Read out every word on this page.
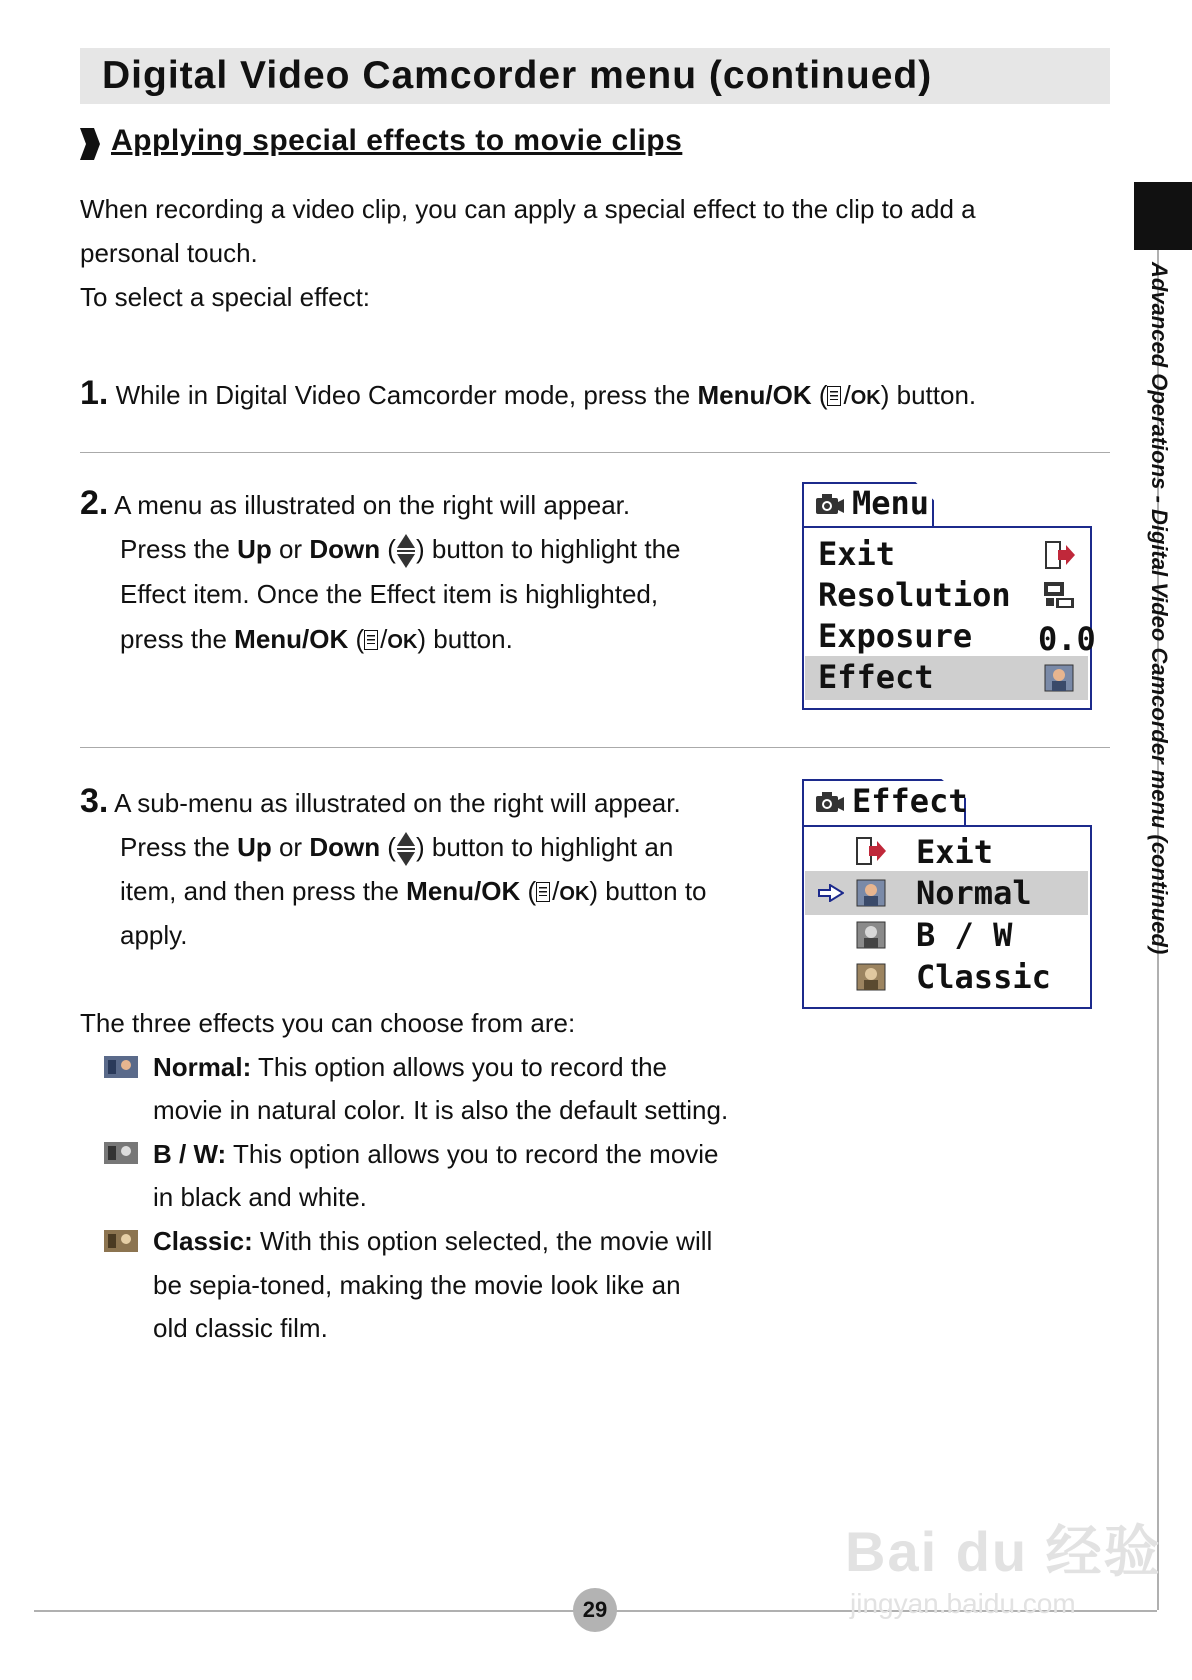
Digital Video Camcorder menu (continued)
Applying special effects to movie clips
When recording a video clip, you can apply a special effect to the clip to add a
personal touch.
To select a special effect:
1. While in Digital Video Camcorder mode, press the Menu/OK ( /OK) button.
2. A menu as illustrated on the right will appear.
Press the Up or Down ( ) button to highlight the
Effect item. Once the Effect item is highlighted,
press the Menu/OK ( /OK) button.
Menu
Exit
Resolution
Exposure 0.0
Effect
3. A sub-menu as illustrated on the right will appear.
Press the Up or Down ( ) button to highlight an
item, and then press the Menu/OK ( /OK) button to
apply.
Effect
Exit
Normal
B / W
Classic
The three effects you can choose from are:
Normal: This option allows you to record the
movie in natural color. It is also the default setting.
B / W: This option allows you to record the movie
in black and white.
Classic: With this option selected, the movie will
be sepia-toned, making the movie look like an
old classic film.
Advanced Operations - Digital Video Camcorder menu (continued)
29
Bai du 经验
jingyan.baidu.com
